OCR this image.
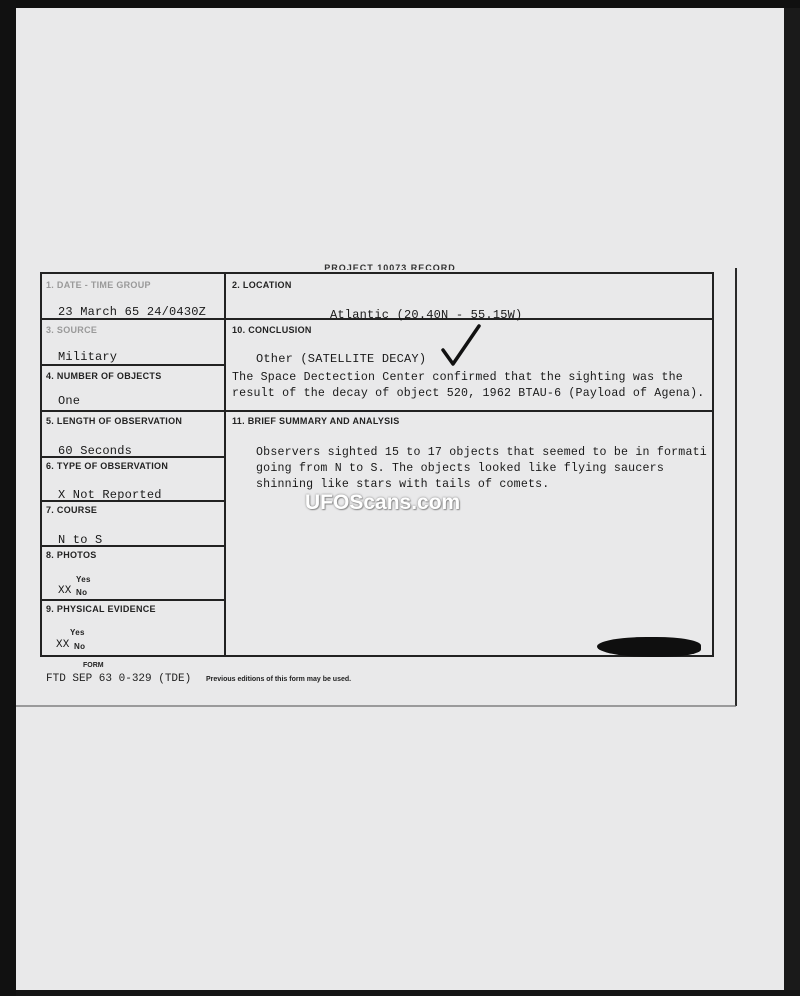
PROJECT 10073 RECORD
1. DATE - TIME GROUP
23 March 65 24/0430Z
2. LOCATION
Atlantic (20.40N - 55.15W)
3. SOURCE
Military
10. CONCLUSION
Other (SATELLITE DECAY)
4. NUMBER OF OBJECTS
One
The Space Dectection Center confirmed that the sighting was the
result of the decay of object 520, 1962 BTAU-6 (Payload of Agena).
5. LENGTH OF OBSERVATION
60 Seconds
11. BRIEF SUMMARY AND ANALYSIS
Observers sighted 15 to 17 objects that seemed to be in formati
going from N to S. The objects looked like flying saucers
shinning like stars with tails of comets.
6. TYPE OF OBSERVATION
X Not Reported
7. COURSE
N to S
8. PHOTOS
Yes
XX No
9. PHYSICAL EVIDENCE
Yes
XX No
UFOScans.com
FORM
FTD SEP 63 0-329 (TDE) Previous editions of this form may be used.
